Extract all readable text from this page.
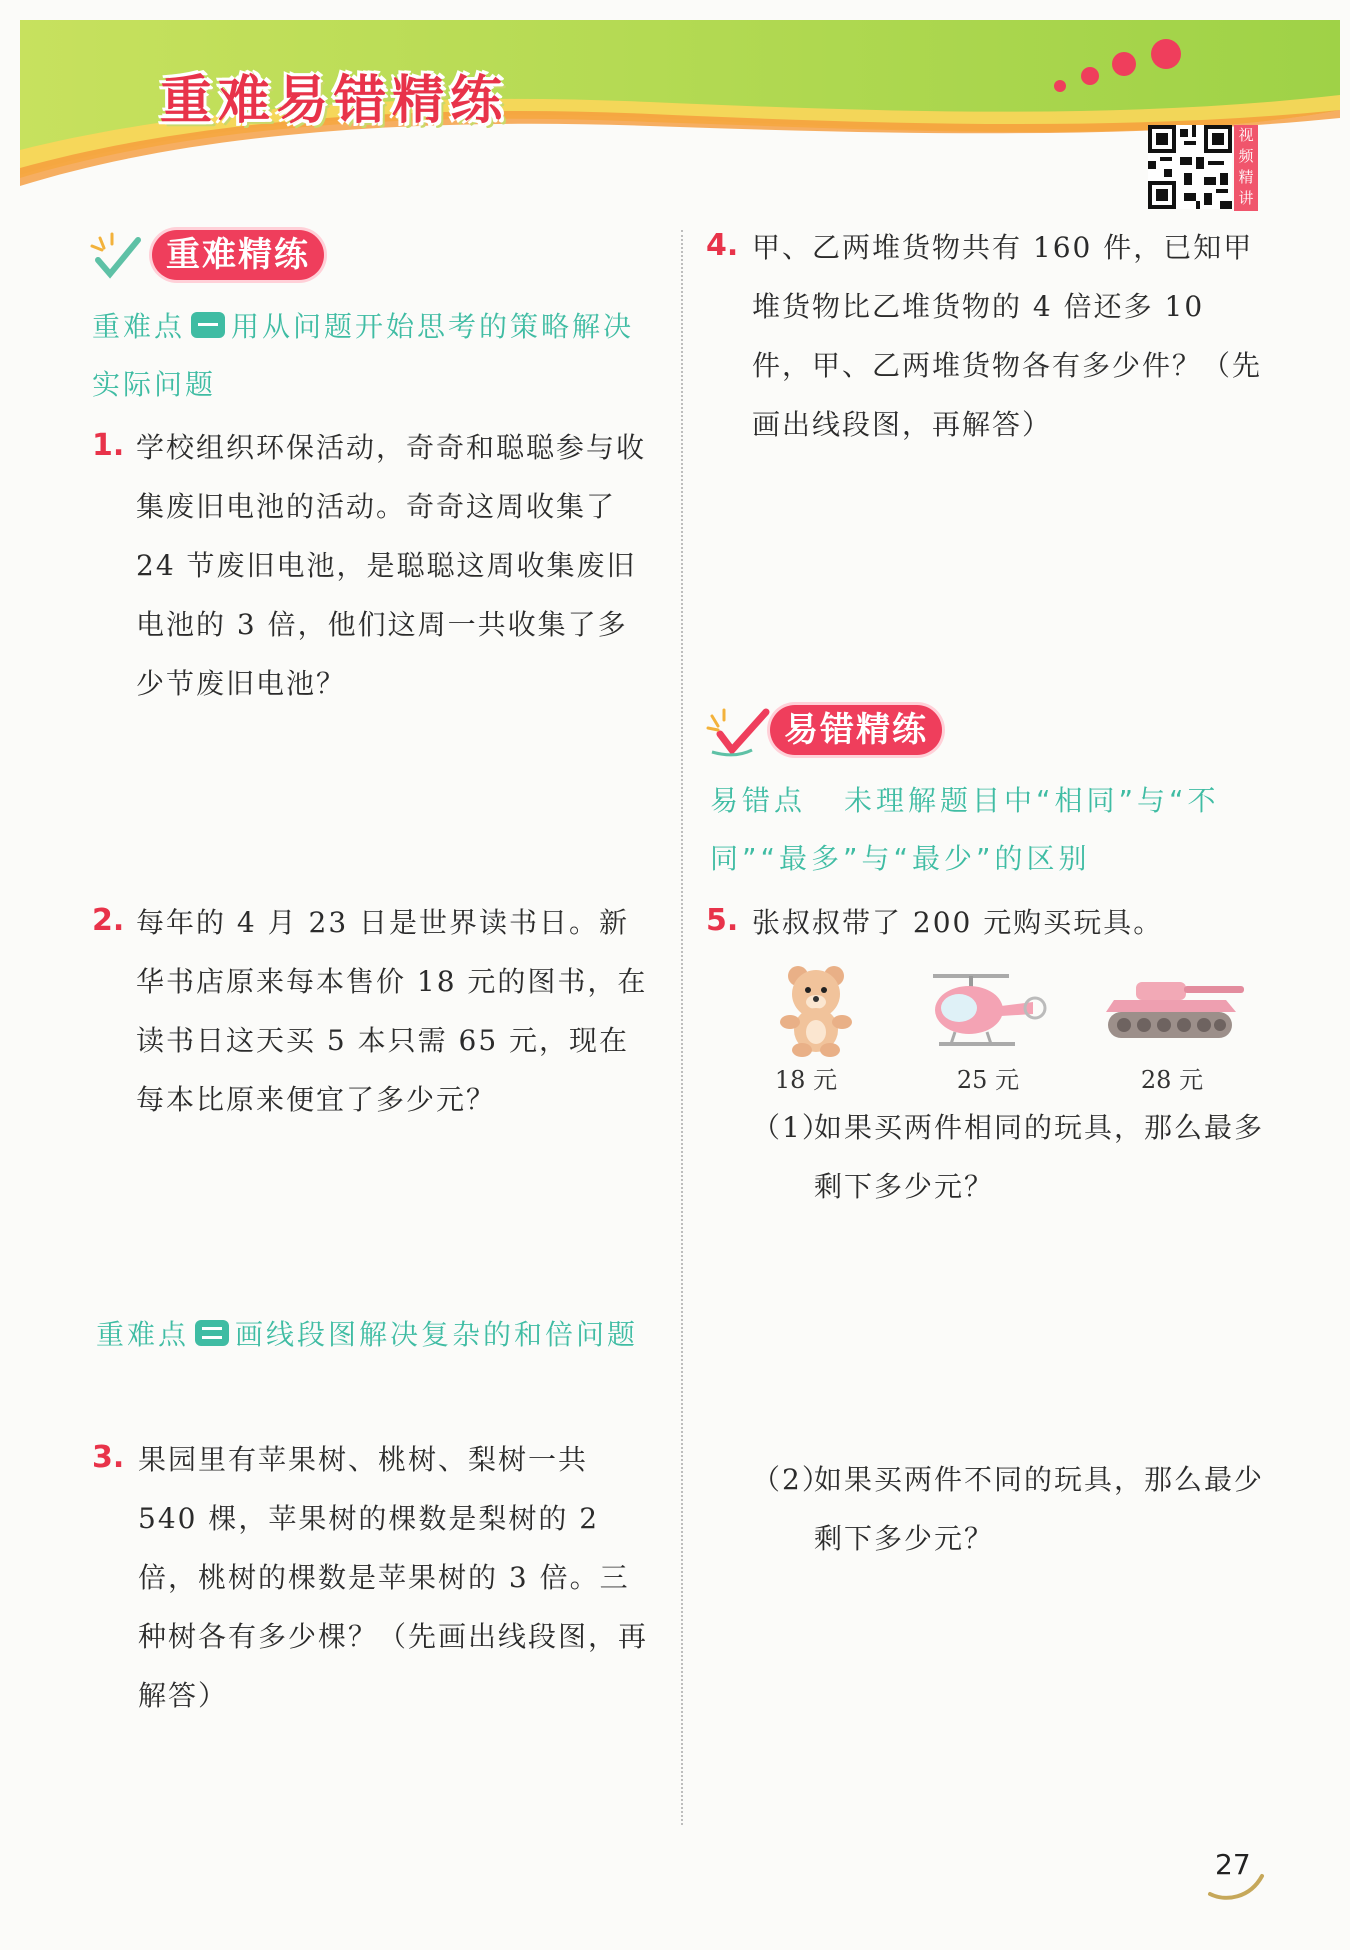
重难易错精练
视频精讲
重难精练
重难点 用从问题开始思考的策略解决实际问题
1. 学校组织环保活动，奇奇和聪聪参与收集废旧电池的活动。奇奇这周收集了 24 节废旧电池，是聪聪这周收集废旧电池的 3 倍，他们这周一共收集了多少节废旧电池？
2. 每年的 4 月 23 日是世界读书日。新华书店原来每本售价 18 元的图书，在读书日这天买 5 本只需 65 元，现在每本比原来便宜了多少元？
重难点 画线段图解决复杂的和倍问题
3. 果园里有苹果树、桃树、梨树一共 540 棵，苹果树的棵数是梨树的 2 倍，桃树的棵数是苹果树的 3 倍。三种树各有多少棵？（先画出线段图，再解答）
4. 甲、乙两堆货物共有 160 件，已知甲堆货物比乙堆货物的 4 倍还多 10 件，甲、乙两堆货物各有多少件？（先画出线段图，再解答）
易错精练
易错点 未理解题目中“相同”与“不同”“最多”与“最少”的区别
5. 张叔叔带了 200 元购买玩具。
18 元	25 元	28 元
（1）
如果买两件相同的玩具，那么最多剩下多少元？
（2）
如果买两件不同的玩具，那么最少剩下多少元？
27
